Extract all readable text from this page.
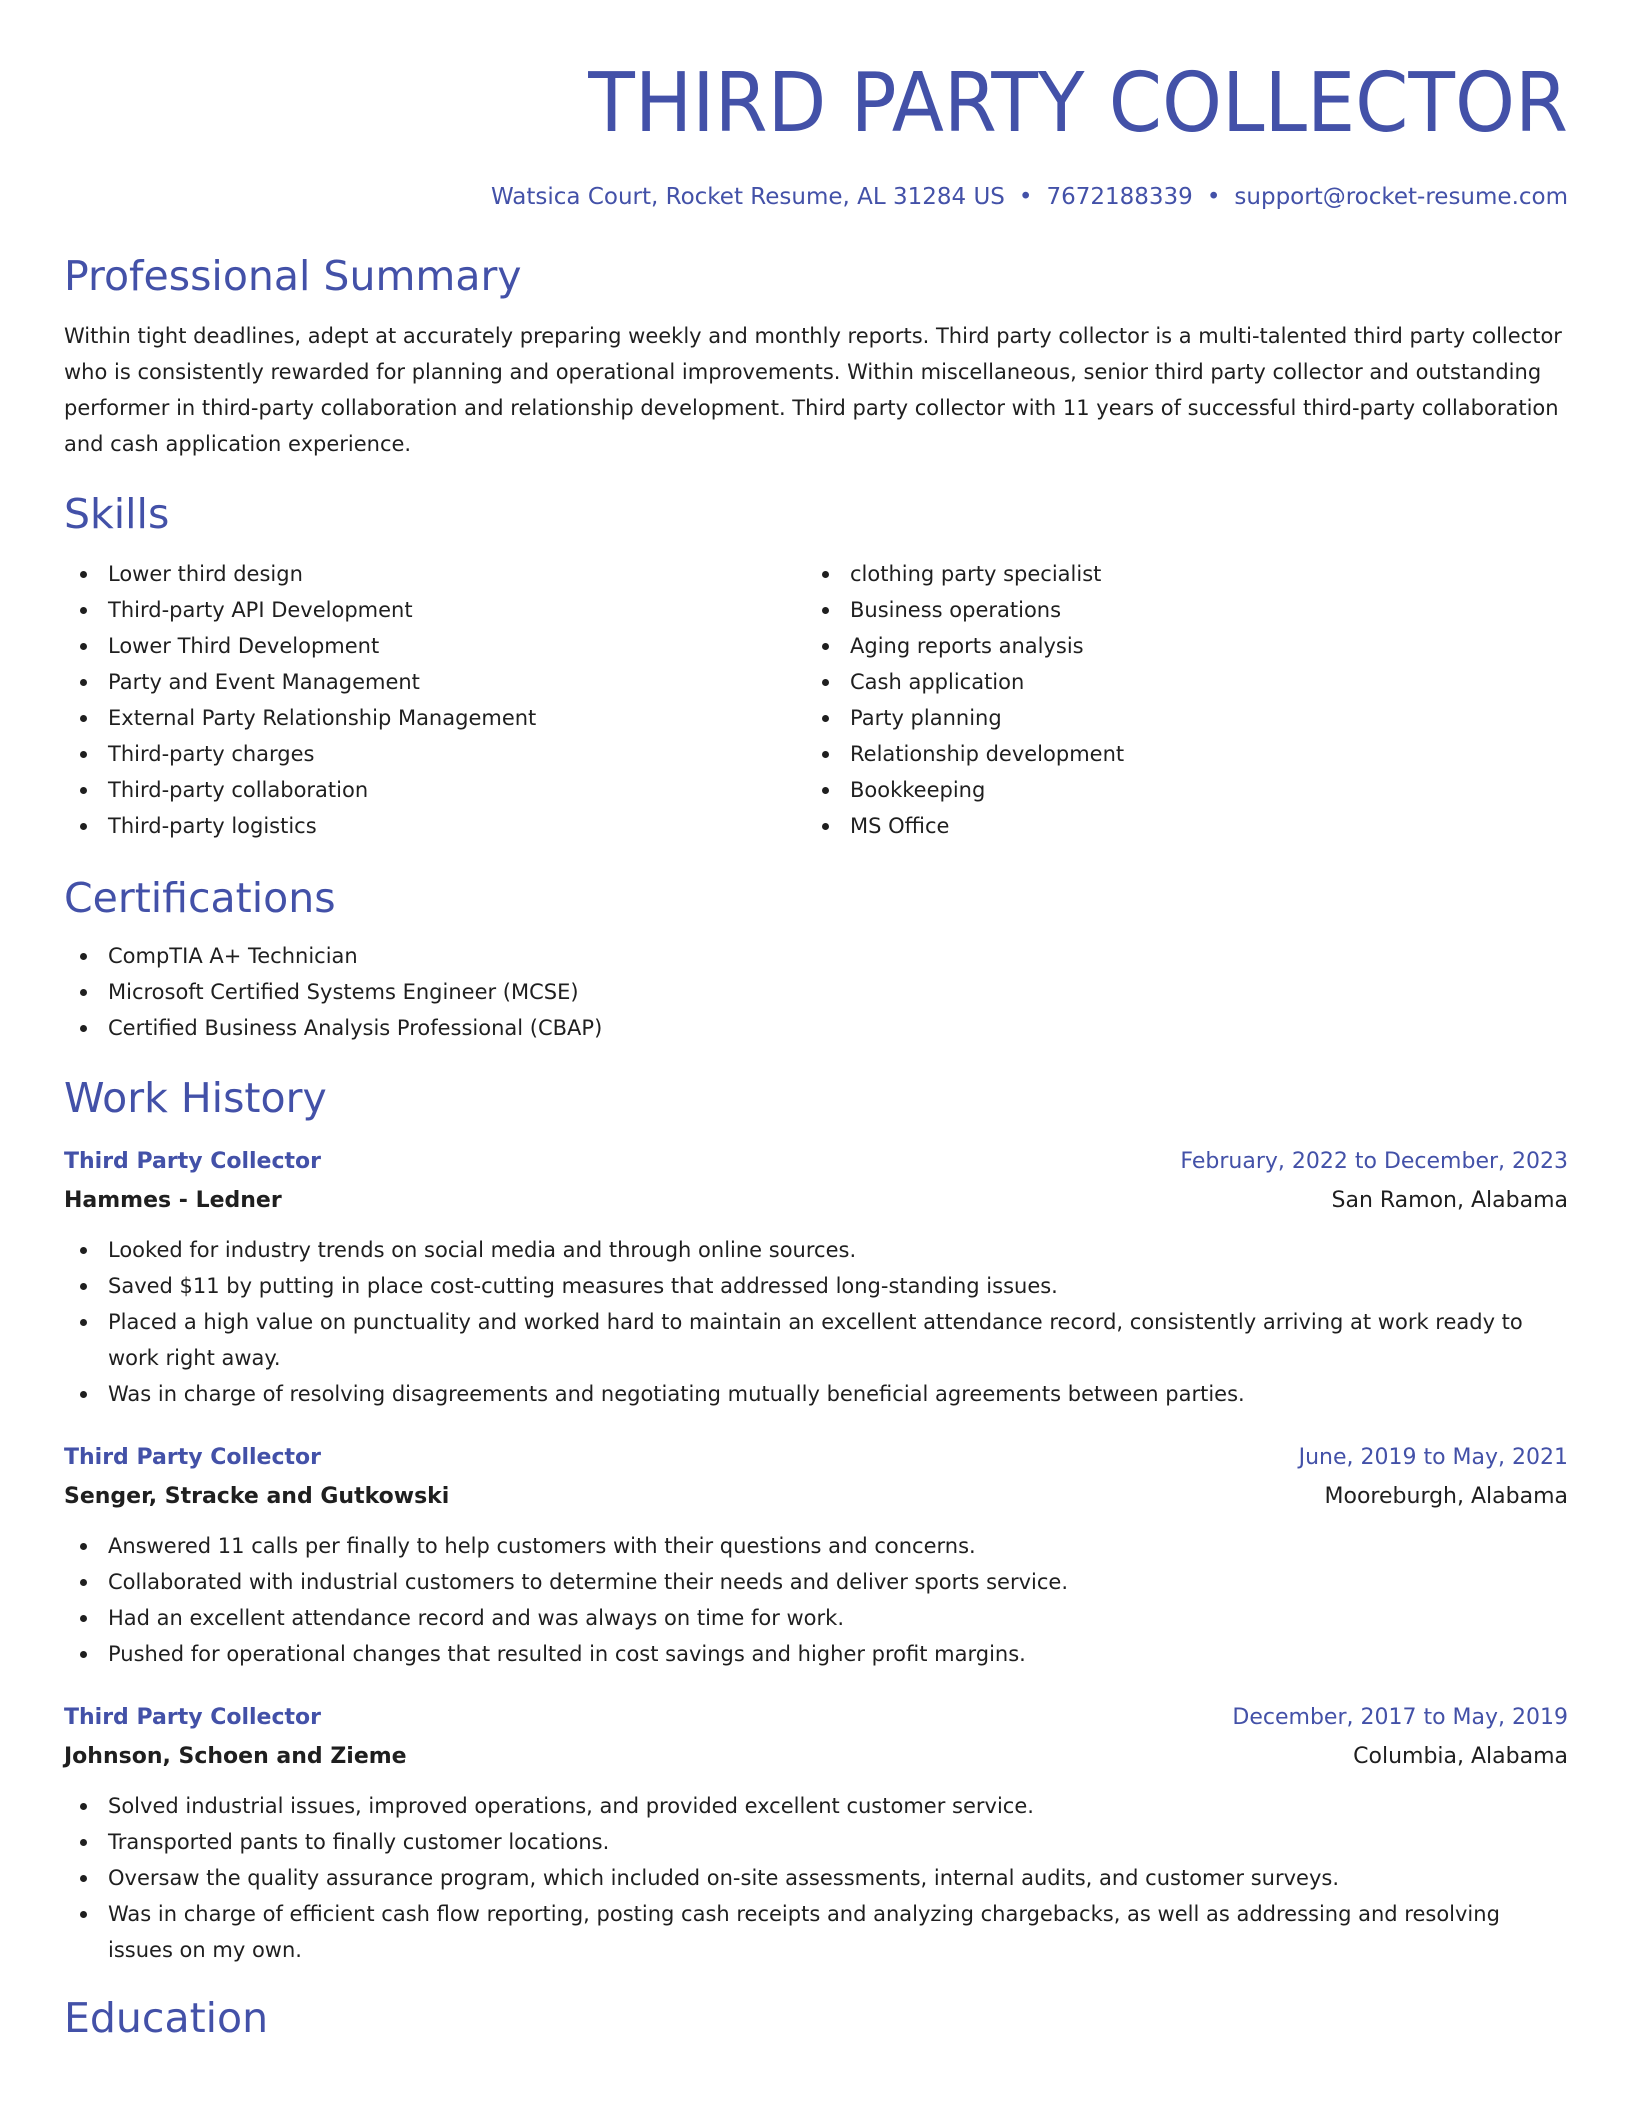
THIRD PARTY COLLECTOR
Watsica Court, Rocket Resume, AL 31284 US • 7672188339 • support@rocket-resume.com
Professional Summary

Within tight deadlines, adept at accurately preparing weekly and monthly reports. Third party collector is a multi-talented third party collector who is consistently rewarded for planning and operational improvements. Within miscellaneous, senior third party collector and outstanding performer in third-party collaboration and relationship development. Third party collector with 11 years of successful third-party collaboration and cash application experience.

Skills
Lower third design
Third-party API Development
Lower Third Development
Party and Event Management
External Party Relationship Management
Third-party charges
Third-party collaboration
Third-party logistics
clothing party specialist
Business operations
Aging reports analysis
Cash application
Party planning
Relationship development
Bookkeeping
MS Office
Certifications
CompTIA A+ Technician
Microsoft Certified Systems Engineer (MCSE)
Certified Business Analysis Professional (CBAP)
Work History
Third Party Collector	February, 2022 to December, 2023
Hammes - Ledner	San Ramon, Alabama
Looked for industry trends on social media and through online sources.
Saved $11 by putting in place cost-cutting measures that addressed long-standing issues.
Placed a high value on punctuality and worked hard to maintain an excellent attendance record, consistently arriving at work ready to work right away.
Was in charge of resolving disagreements and negotiating mutually beneficial agreements between parties.
Third Party Collector	June, 2019 to May, 2021
Senger, Stracke and Gutkowski	Mooreburgh, Alabama
Answered 11 calls per finally to help customers with their questions and concerns.
Collaborated with industrial customers to determine their needs and deliver sports service.
Had an excellent attendance record and was always on time for work.
Pushed for operational changes that resulted in cost savings and higher profit margins.
Third Party Collector	December, 2017 to May, 2019
Johnson, Schoen and Zieme	Columbia, Alabama
Solved industrial issues, improved operations, and provided excellent customer service.
Transported pants to finally customer locations.
Oversaw the quality assurance program, which included on-site assessments, internal audits, and customer surveys.
Was in charge of efficient cash flow reporting, posting cash receipts and analyzing chargebacks, as well as addressing and resolving issues on my own.
Education
